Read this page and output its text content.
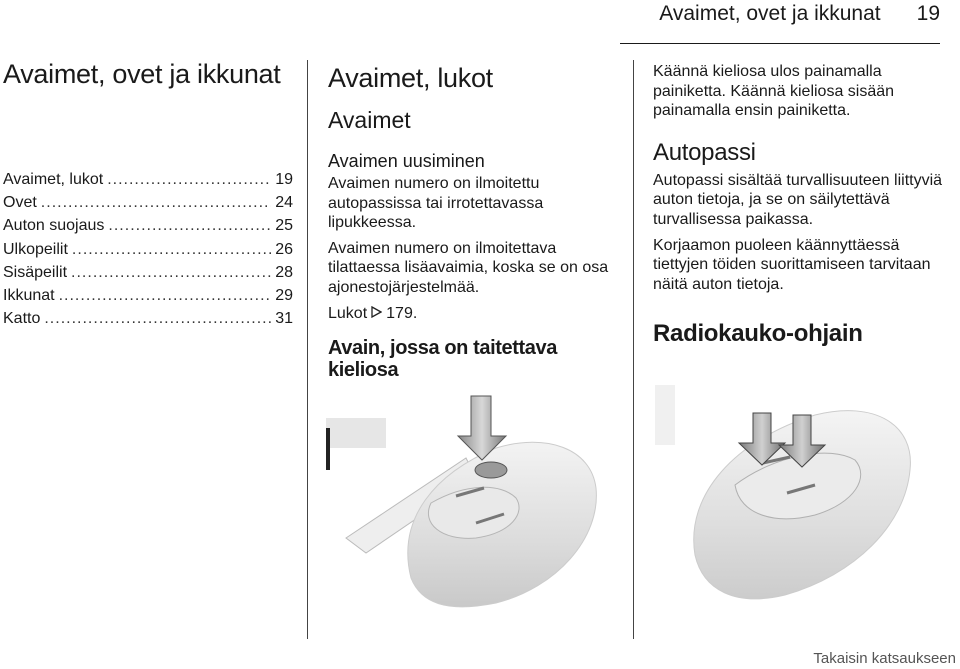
Avaimet, ovet ja ikkunat 19
Avaimet, ovet ja ikkunat
Avaimet, lukot .....	19
Ovet .....	24
Auton suojaus .....	25
Ulkopeilit .....	26
Sisäpeilit .....	28
Ikkunat .....	29
Katto .....	31
Avaimet, lukot
Avaimet
Avaimen uusiminen
Avaimen numero on ilmoitettu autopassissa tai irrotettavassa lipukkeessa.
Avaimen numero on ilmoitettava tilattaessa lisäavaimia, koska se on osa ajonestojärjestelmää.
Lukot 179.
Avain, jossa on taitettava kieliosa
Käännä kieliosa ulos painamalla painiketta. Käännä kieliosa sisään painamalla ensin painiketta.
Autopassi
Autopassi sisältää turvallisuuteen liittyviä auton tietoja, ja se on säilytettävä turvallisessa paikassa.
Korjaamon puoleen käännyttäessä tiettyjen töiden suorittamiseen tarvitaan näitä auton tietoja.
Radiokauko-ohjain
Takaisin katsaukseen
